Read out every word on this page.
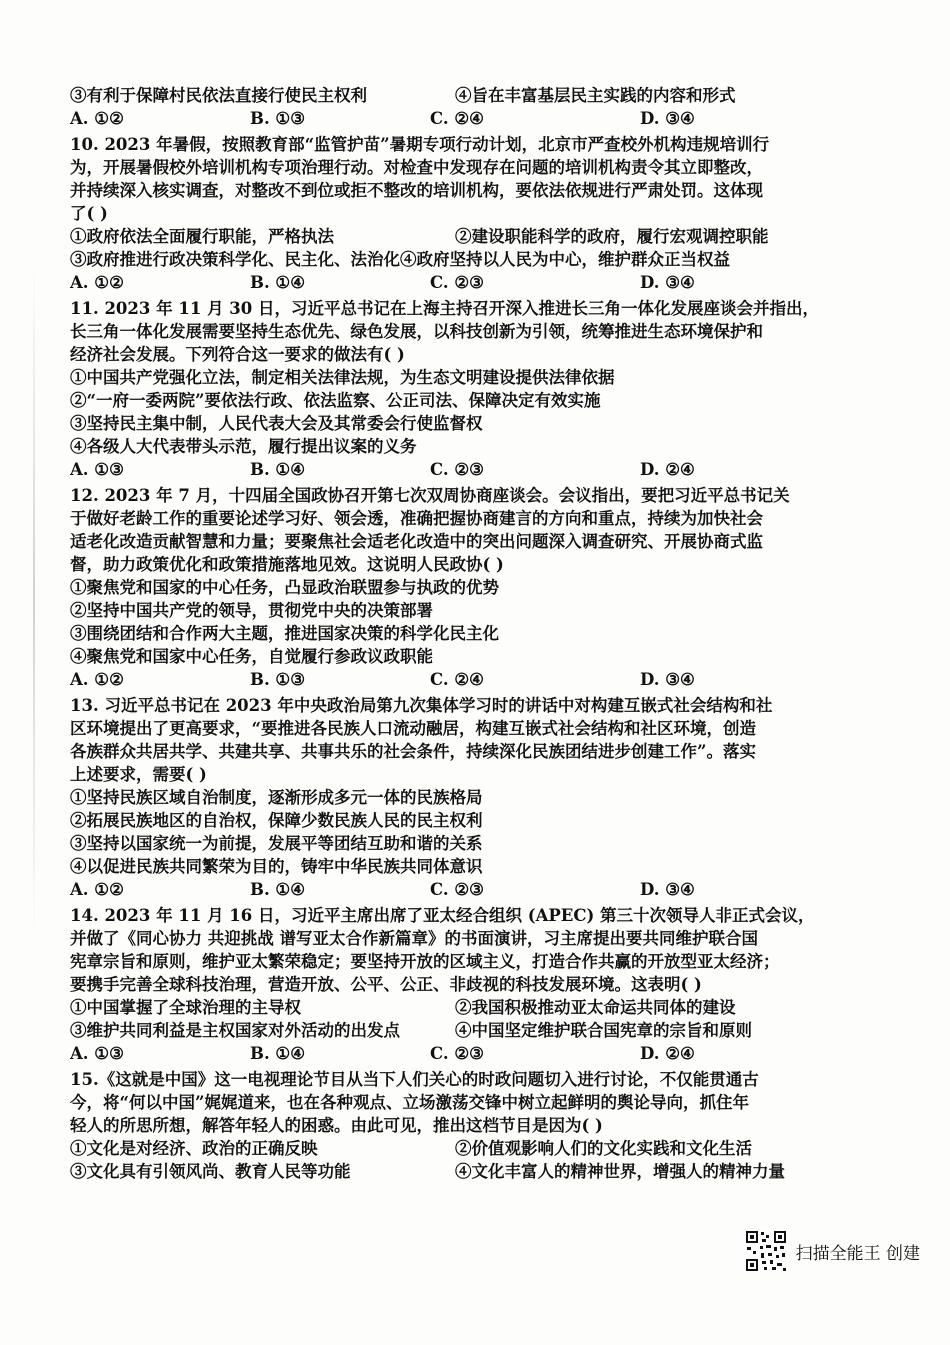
③有利于保障村民依法直接行使民主权利	④旨在丰富基层民主实践的内容和形式
A. ①②	B. ①③	C. ②④	D. ③④
10. 2023 年暑假，按照教育部“监管护苗”暑期专项行动计划，北京市严查校外机构违规培训行
为，开展暑假校外培训机构专项治理行动。对检查中发现存在问题的培训机构责令其立即整改，
并持续深入核实调查，对整改不到位或拒不整改的培训机构，要依法依规进行严肃处罚。这体现
了( )
①政府依法全面履行职能，严格执法	②建设职能科学的政府，履行宏观调控职能
③政府推进行政决策科学化、民主化、法治化④政府坚持以人民为中心，维护群众正当权益
A. ①②	B. ①④	C. ②③	D. ③④
11. 2023 年 11 月 30 日，习近平总书记在上海主持召开深入推进长三角一体化发展座谈会并指出，
长三角一体化发展需要坚持生态优先、绿色发展，以科技创新为引领，统筹推进生态环境保护和
经济社会发展。下列符合这一要求的做法有( )
①中国共产党强化立法，制定相关法律法规，为生态文明建设提供法律依据
②“一府一委两院”要依法行政、依法监察、公正司法、保障决定有效实施
③坚持民主集中制，人民代表大会及其常委会行使监督权
④各级人大代表带头示范，履行提出议案的义务
A. ①③	B. ①④	C. ②③	D. ②④
12. 2023 年 7 月，十四届全国政协召开第七次双周协商座谈会。会议指出，要把习近平总书记关
于做好老龄工作的重要论述学习好、领会透，准确把握协商建言的方向和重点，持续为加快社会
适老化改造贡献智慧和力量；要聚焦社会适老化改造中的突出问题深入调查研究、开展协商式监
督，助力政策优化和政策措施落地见效。这说明人民政协( )
①聚焦党和国家的中心任务，凸显政治联盟参与执政的优势
②坚持中国共产党的领导，贯彻党中央的决策部署
③围绕团结和合作两大主题，推进国家决策的科学化民主化
④聚焦党和国家中心任务，自觉履行参政议政职能
A. ①②	B. ①③	C. ②④	D. ③④
13. 习近平总书记在 2023 年中央政治局第九次集体学习时的讲话中对构建互嵌式社会结构和社
区环境提出了更高要求，“要推进各民族人口流动融居，构建互嵌式社会结构和社区环境，创造
各族群众共居共学、共建共享、共事共乐的社会条件，持续深化民族团结进步创建工作”。落实
上述要求，需要( )
①坚持民族区域自治制度，逐渐形成多元一体的民族格局
②拓展民族地区的自治权，保障少数民族人民的民主权利
③坚持以国家统一为前提，发展平等团结互助和谐的关系
④以促进民族共同繁荣为目的，铸牢中华民族共同体意识
A. ①②	B. ①④	C. ②③	D. ③④
14. 2023 年 11 月 16 日，习近平主席出席了亚太经合组织 (APEC) 第三十次领导人非正式会议，
并做了《同心协力 共迎挑战 谱写亚太合作新篇章》的书面演讲，习主席提出要共同维护联合国
宪章宗旨和原则，维护亚太繁荣稳定；要坚持开放的区域主义，打造合作共赢的开放型亚太经济；
要携手完善全球科技治理，营造开放、公平、公正、非歧视的科技发展环境。这表明( )
①中国掌握了全球治理的主导权	②我国积极推动亚太命运共同体的建设
③维护共同利益是主权国家对外活动的出发点	④中国坚定维护联合国宪章的宗旨和原则
A. ①③	B. ①④	C. ②③	D. ②④
15.《这就是中国》这一电视理论节目从当下人们关心的时政问题切入进行讨论，不仅能贯通古
今，将“何以中国”娓娓道来，也在各种观点、立场激荡交锋中树立起鲜明的舆论导向，抓住年
轻人的所思所想，解答年轻人的困惑。由此可见，推出这档节目是因为( )
①文化是对经济、政治的正确反映	②价值观影响人们的文化实践和文化生活
③文化具有引领风尚、教育人民等功能	④文化丰富人的精神世界，增强人的精神力量
扫描全能王 创建
